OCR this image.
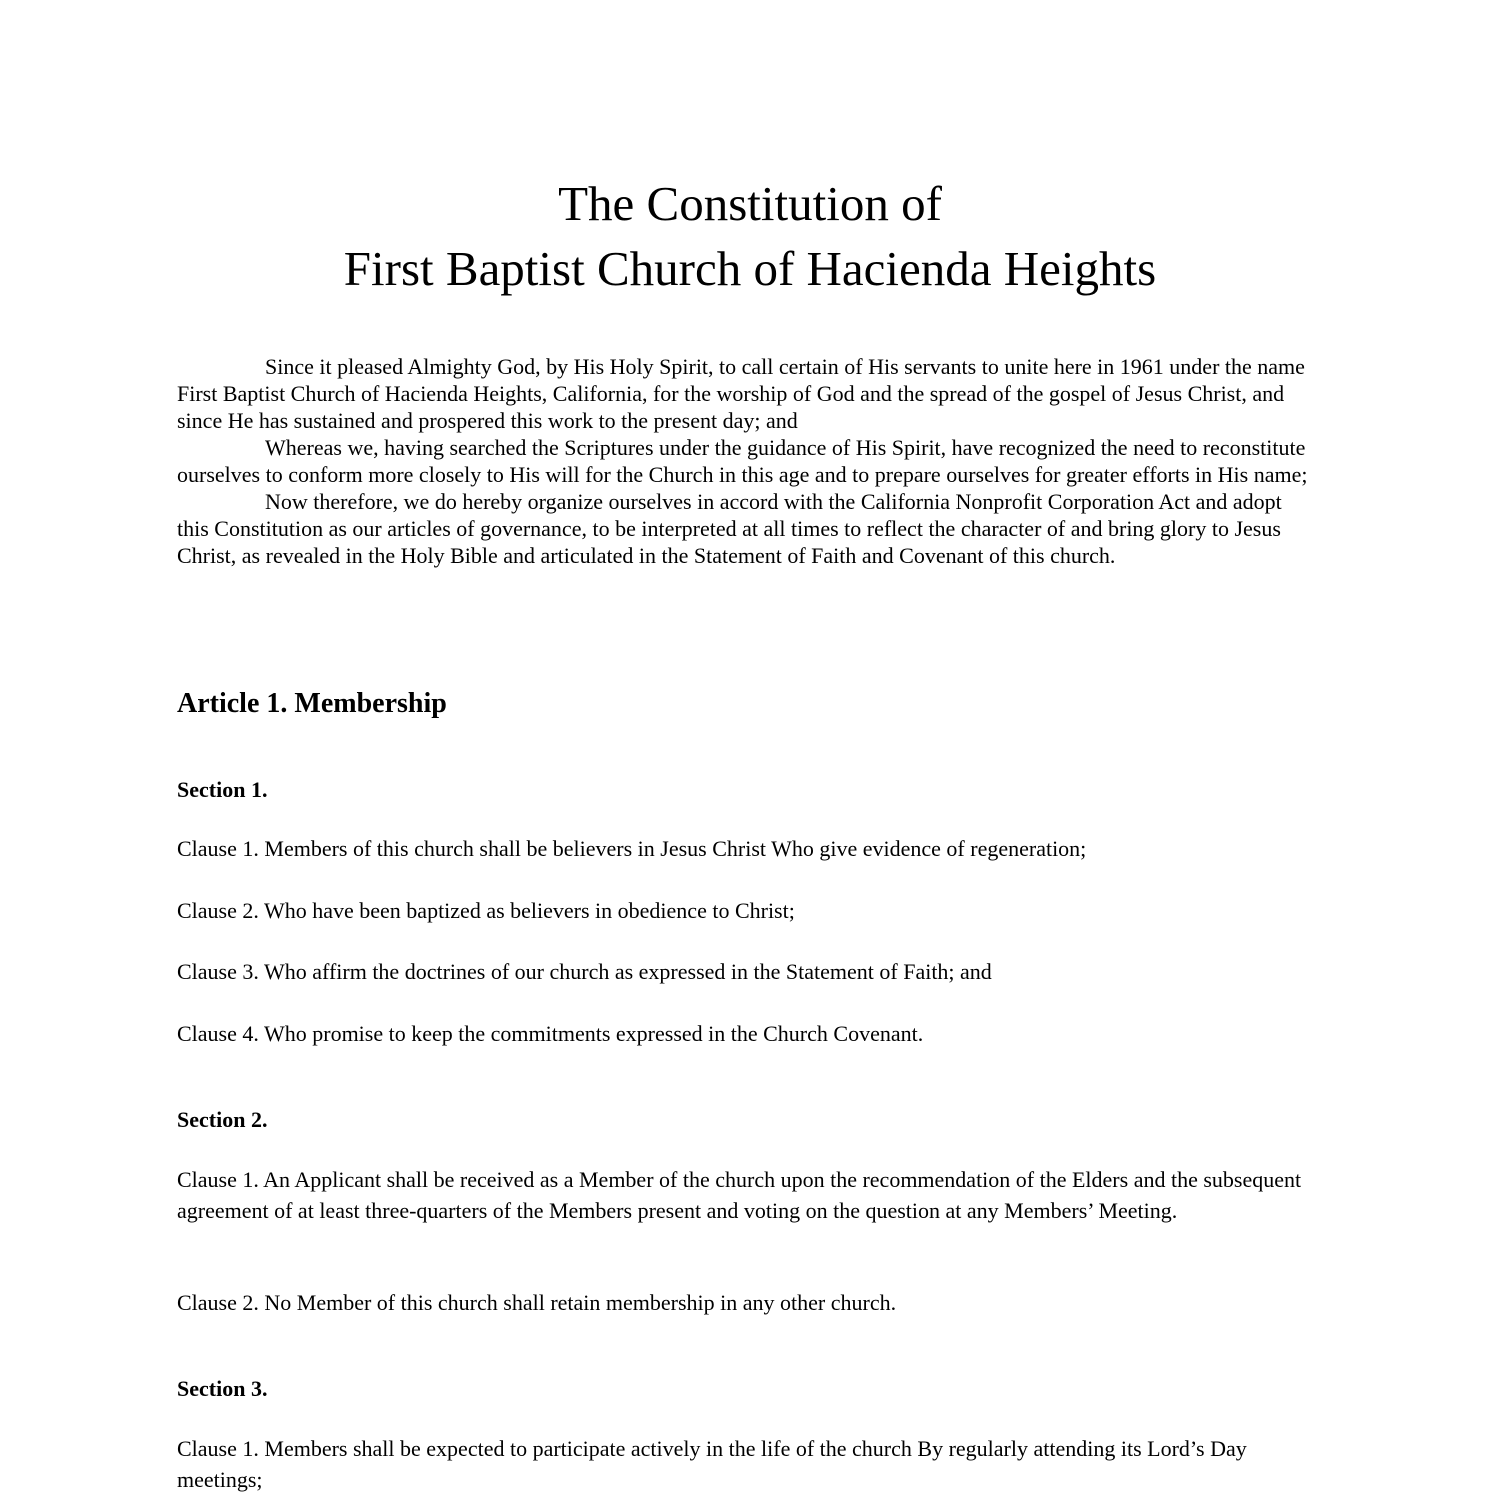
The Constitution of
First Baptist Church of Hacienda Heights

Since it pleased Almighty God, by His Holy Spirit, to call certain of His servants to unite here in 1961 under the name First Baptist Church of Hacienda Heights, California, for the worship of God and the spread of the gospel of Jesus Christ, and since He has sustained and prospered this work to the present day; and

Whereas we, having searched the Scriptures under the guidance of His Spirit, have recognized the need to reconstitute ourselves to conform more closely to His will for the Church in this age and to prepare ourselves for greater efforts in His name;

Now therefore, we do hereby organize ourselves in accord with the California Nonprofit Corporation Act and adopt this Constitution as our articles of governance, to be interpreted at all times to reflect the character of and bring glory to Jesus Christ, as revealed in the Holy Bible and articulated in the Statement of Faith and Covenant of this church.

Article 1. Membership
Section 1.

Clause 1. Members of this church shall be believers in Jesus Christ Who give evidence of regeneration;

Clause 2. Who have been baptized as believers in obedience to Christ;

Clause 3. Who affirm the doctrines of our church as expressed in the Statement of Faith; and

Clause 4. Who promise to keep the commitments expressed in the Church Covenant.

Section 2.

Clause 1. An Applicant shall be received as a Member of the church upon the recommendation of the Elders and the subsequent agreement of at least three-quarters of the Members present and voting on the question at any Members’ Meeting.

Clause 2. No Member of this church shall retain membership in any other church.

Section 3.

Clause 1. Members shall be expected to participate actively in the life of the church By regularly attending its Lord’s Day meetings;
